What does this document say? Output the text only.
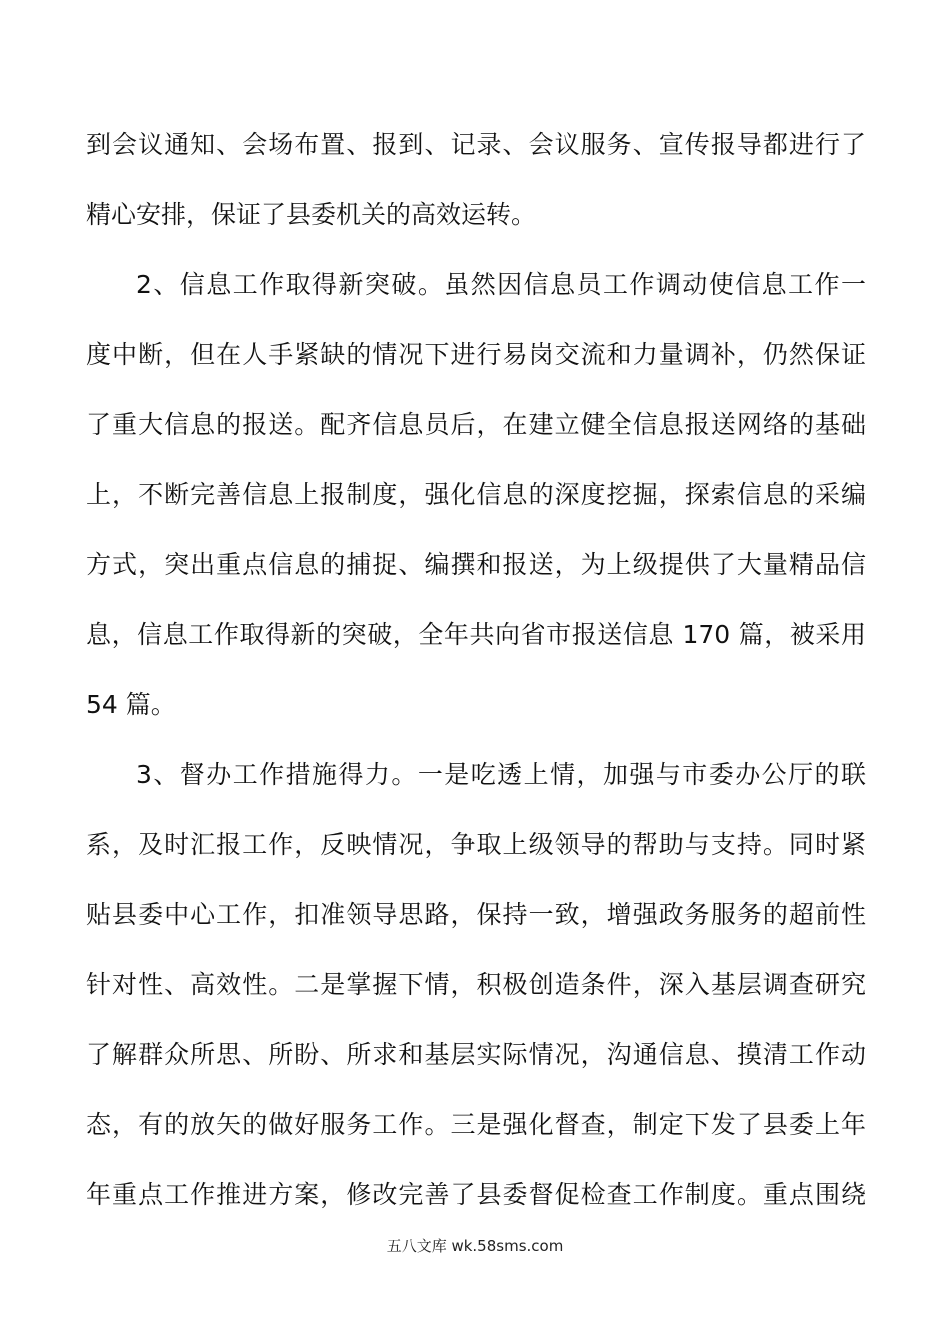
到会议通知、会场布置、报到、记录、会议服务、宣传报导都进行了
精心安排，保证了县委机关的高效运转。
2、信息工作取得新突破。虽然因信息员工作调动使信息工作一
度中断，但在人手紧缺的情况下进行易岗交流和力量调补，仍然保证
了重大信息的报送。配齐信息员后，在建立健全信息报送网络的基础
上，不断完善信息上报制度，强化信息的深度挖掘，探索信息的采编
方式，突出重点信息的捕捉、编撰和报送，为上级提供了大量精品信
息，信息工作取得新的突破，全年共向省市报送信息 170 篇，被采用
54 篇。
3、督办工作措施得力。一是吃透上情，加强与市委办公厅的联
系，及时汇报工作，反映情况，争取上级领导的帮助与支持。同时紧
贴县委中心工作，扣准领导思路，保持一致，增强政务服务的超前性
针对性、高效性。二是掌握下情，积极创造条件，深入基层调查研究
了解群众所思、所盼、所求和基层实际情况，沟通信息、摸清工作动
态，有的放矢的做好服务工作。三是强化督查，制定下发了县委上年
年重点工作推进方案，修改完善了县委督促检查工作制度。重点围绕
五八文库 wk.58sms.com
